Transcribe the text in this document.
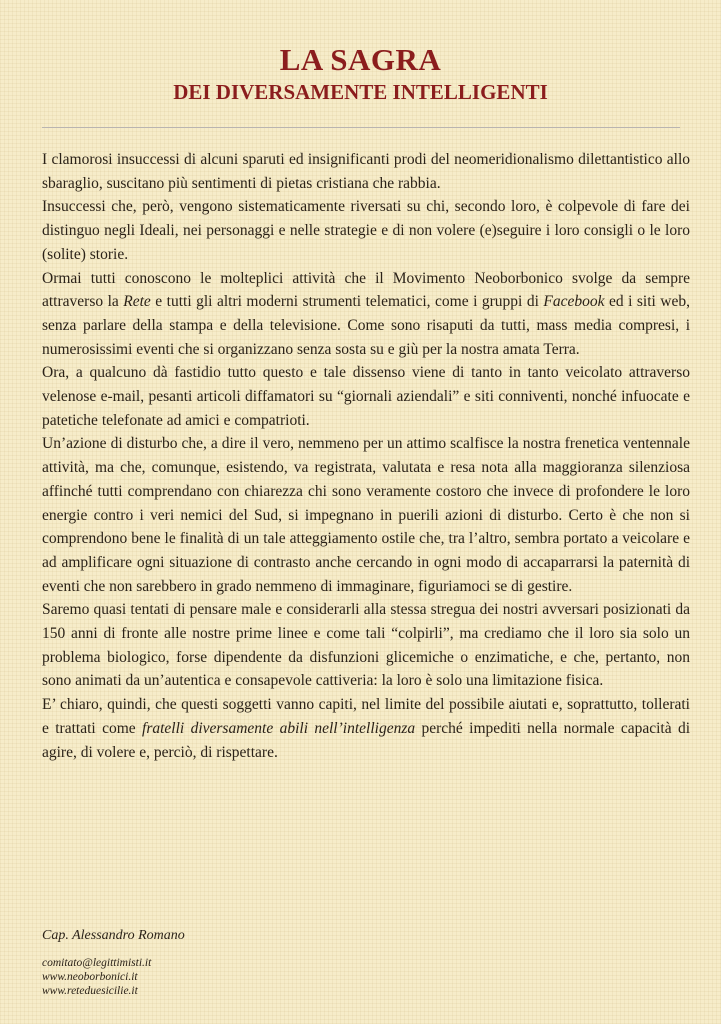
LA SAGRA
DEI DIVERSAMENTE INTELLIGENTI

I clamorosi insuccessi di alcuni sparuti ed insignificanti prodi del neomeridionalismo dilettantistico allo sbaraglio, suscitano più sentimenti di pietas cristiana che rabbia.

Insuccessi che, però, vengono sistematicamente riversati su chi, secondo loro, è colpevole di fare dei distinguo negli Ideali, nei personaggi e nelle strategie e di non volere (e)seguire i loro consigli o le loro (solite) storie.

Ormai tutti conoscono le molteplici attività che il Movimento Neoborbonico svolge da sempre attraverso la Rete e tutti gli altri moderni strumenti telematici, come i gruppi di Facebook ed i siti web, senza parlare della stampa e della televisione. Come sono risaputi da tutti, mass media compresi, i numerosissimi eventi che si organizzano senza sosta su e giù per la nostra amata Terra.

Ora, a qualcuno dà fastidio tutto questo e tale dissenso viene di tanto in tanto veicolato attraverso velenose e-mail, pesanti articoli diffamatori su “giornali aziendali” e siti conniventi, nonché infuocate e patetiche telefonate ad amici e compatrioti.

Un’azione di disturbo che, a dire il vero, nemmeno per un attimo scalfisce la nostra frenetica ventennale attività, ma che, comunque, esistendo, va registrata, valutata e resa nota alla maggioranza silenziosa affinché tutti comprendano con chiarezza chi sono veramente costoro che invece di profondere le loro energie contro i veri nemici del Sud, si impegnano in puerili azioni di disturbo. Certo è che non si comprendono bene le finalità di un tale atteggiamento ostile che, tra l’altro, sembra portato a veicolare e ad amplificare ogni situazione di contrasto anche cercando in ogni modo di accaparrarsi la paternità di eventi che non sarebbero in grado nemmeno di immaginare, figuriamoci se di gestire.

Saremo quasi tentati di pensare male e considerarli alla stessa stregua dei nostri avversari posizionati da 150 anni di fronte alle nostre prime linee e come tali “colpirli”, ma crediamo che il loro sia solo un problema biologico, forse dipendente da disfunzioni glicemiche o enzimatiche, e che, pertanto, non sono animati da un’autentica e consapevole cattiveria: la loro è solo una limitazione fisica.

E’ chiaro, quindi, che questi soggetti vanno capiti, nel limite del possibile aiutati e, soprattutto, tollerati e trattati come fratelli diversamente abili nell’intelligenza perché impediti nella normale capacità di agire, di volere e, perciò, di rispettare.

Cap. Alessandro Romano

comitato@legittimisti.it
www.neoborbonici.it
www.reteduesicilie.it
